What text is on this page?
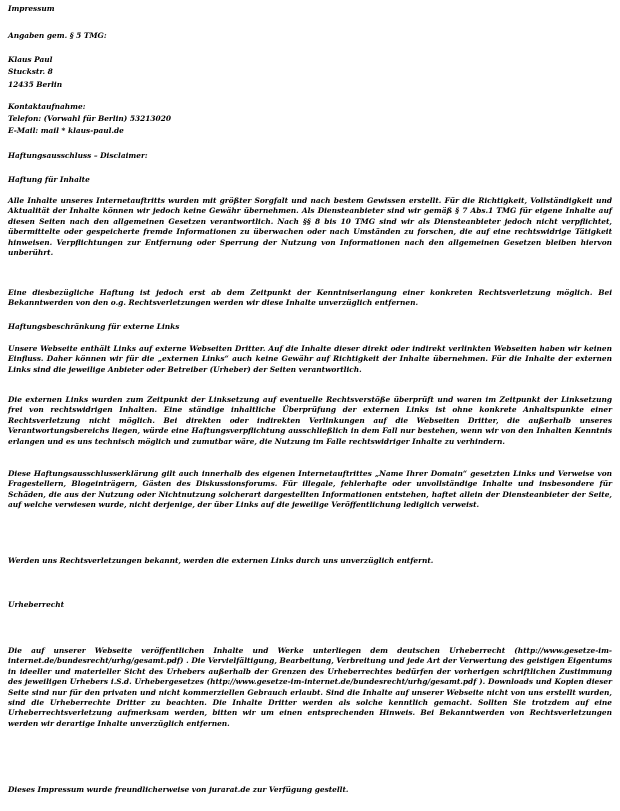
Impressum
Angaben gem. § 5 TMG:
Klaus Paul
Stuckstr. 8
12435 Berlin
Kontaktaufnahme:
Telefon: (Vorwahl für Berlin) 53213020
E-Mail: mail * klaus-paul.de
Haftungsausschluss – Disclaimer:
Haftung für Inhalte
Alle Inhalte unseres Internetauftritts wurden mit größter Sorgfalt und nach bestem Gewissen erstellt. Für die Richtigkeit, Vollständigkeit und Aktualität der Inhalte können wir jedoch keine Gewähr übernehmen. Als Diensteanbieter sind wir gemäß § 7 Abs.1 TMG für eigene Inhalte auf diesen Seiten nach den allgemeinen Gesetzen verantwortlich. Nach §§ 8 bis 10 TMG sind wir als Diensteanbieter jedoch nicht verpflichtet, übermittelte oder gespeicherte fremde Informationen zu überwachen oder nach Umständen zu forschen, die auf eine rechtswidrige Tätigkeit hinweisen. Verpflichtungen zur Entfernung oder Sperrung der Nutzung von Informationen nach den allgemeinen Gesetzen bleiben hiervon unberührt.
Eine diesbezügliche Haftung ist jedoch erst ab dem Zeitpunkt der Kenntniserlangung einer konkreten Rechtsverletzung möglich. Bei Bekanntwerden von den o.g. Rechtsverletzungen werden wir diese Inhalte unverzüglich entfernen.
Haftungsbeschränkung für externe Links
Unsere Webseite enthält Links auf externe Webseiten Dritter. Auf die Inhalte dieser direkt oder indirekt verlinkten Webseiten haben wir keinen Einfluss. Daher können wir für die „externen Links“ auch keine Gewähr auf Richtigkeit der Inhalte übernehmen. Für die Inhalte der externen Links sind die jeweilige Anbieter oder Betreiber (Urheber) der Seiten verantwortlich.
Die externen Links wurden zum Zeitpunkt der Linksetzung auf eventuelle Rechtsverstöße überprüft und waren im Zeitpunkt der Linksetzung frei von rechtswidrigen Inhalten. Eine ständige inhaltliche Überprüfung der externen Links ist ohne konkrete Anhaltspunkte einer Rechtsverletzung nicht möglich. Bei direkten oder indirekten Verlinkungen auf die Webseiten Dritter, die außerhalb unseres Verantwortungsbereichs liegen, würde eine Haftungsverpflichtung ausschließlich in dem Fall nur bestehen, wenn wir von den Inhalten Kenntnis erlangen und es uns technisch möglich und zumutbar wäre, die Nutzung im Falle rechtswidriger Inhalte zu verhindern.
Diese Haftungsausschlusserklärung gilt auch innerhalb des eigenen Internetauftrittes „Name Ihrer Domain“ gesetzten Links und Verweise von Fragestellern, Blogeinträgern, Gästen des Diskussionsforums. Für illegale, fehlerhafte oder unvollständige Inhalte und insbesondere für Schäden, die aus der Nutzung oder Nichtnutzung solcherart dargestellten Informationen entstehen, haftet allein der Diensteanbieter der Seite, auf welche verwiesen wurde, nicht derjenige, der über Links auf die jeweilige Veröffentlichung lediglich verweist.
Werden uns Rechtsverletzungen bekannt, werden die externen Links durch uns unverzüglich entfernt.
Urheberrecht
Die auf unserer Webseite veröffentlichen Inhalte und Werke unterliegen dem deutschen Urheberrecht (http://www.gesetze-im-internet.de/bundesrecht/urhg/gesamt.pdf) . Die Vervielfältigung, Bearbeitung, Verbreitung und jede Art der Verwertung des geistigen Eigentums in ideeller und materieller Sicht des Urhebers außerhalb der Grenzen des Urheberrechtes bedürfen der vorherigen schriftlichen Zustimmung des jeweiligen Urhebers i.S.d. Urhebergesetzes (http://www.gesetze-im-internet.de/bundesrecht/urhg/gesamt.pdf ). Downloads und Kopien dieser Seite sind nur für den privaten und nicht kommerziellen Gebrauch erlaubt. Sind die Inhalte auf unserer Webseite nicht von uns erstellt wurden, sind die Urheberrechte Dritter zu beachten. Die Inhalte Dritter werden als solche kenntlich gemacht. Sollten Sie trotzdem auf eine Urheberrechtsverletzung aufmerksam werden, bitten wir um einen entsprechenden Hinweis. Bei Bekanntwerden von Rechtsverletzungen werden wir derartige Inhalte unverzüglich entfernen.
Dieses Impressum wurde freundlicherweise von jurarat.de zur Verfügung gestellt.
